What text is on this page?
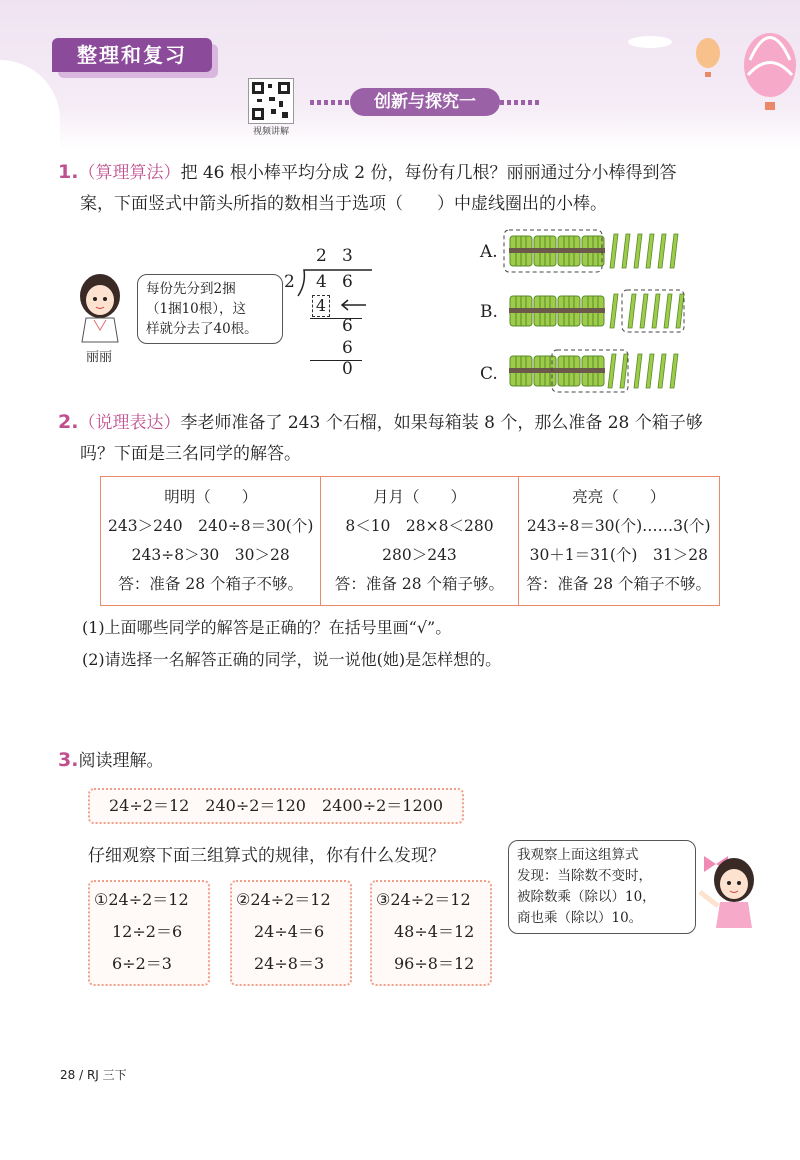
整理和复习
视频讲解
创新与探究一
1.（算理算法）把 46 根小棒平均分成 2 份，每份有几根？丽丽通过分小棒得到答
案，下面竖式中箭头所指的数相当于选项（　　）中虚线圈出的小棒。
丽丽
每份先分到2捆
（1捆10根），这
样就分去了40根。
2 3
2 4 6
4
6
6
0
A.
B.
C.
2.（说理表达）李老师准备了 243 个石榴，如果每箱装 8 个，那么准备 28 个箱子够
吗？下面是三名同学的解答。
明明（　　）
243＞240　240÷8＝30(个)
243÷8＞30　30＞28
答：准备 28 个箱子不够。

月月（　　）
8＜10　28×8＜280
280＞243
答：准备 28 个箱子够。

亮亮（　　）
243÷8＝30(个)……3(个)
30＋1＝31(个)　31＞28
答：准备 28 个箱子不够。
(1)上面哪些同学的解答是正确的？在括号里画“√”。
(2)请选择一名解答正确的同学，说一说他(她)是怎样想的。
3.阅读理解。
24÷2＝12　240÷2＝120　2400÷2＝1200
仔细观察下面三组算式的规律，你有什么发现？
①24÷2＝12
12÷2＝6
6÷2＝3
②24÷2＝12
24÷4＝6
24÷8＝3
③24÷2＝12
48÷4＝12
96÷8＝12
我观察上面这组算式
发现：当除数不变时，
被除数乘（除以）10，
商也乘（除以）10。
28 / RJ 三下
